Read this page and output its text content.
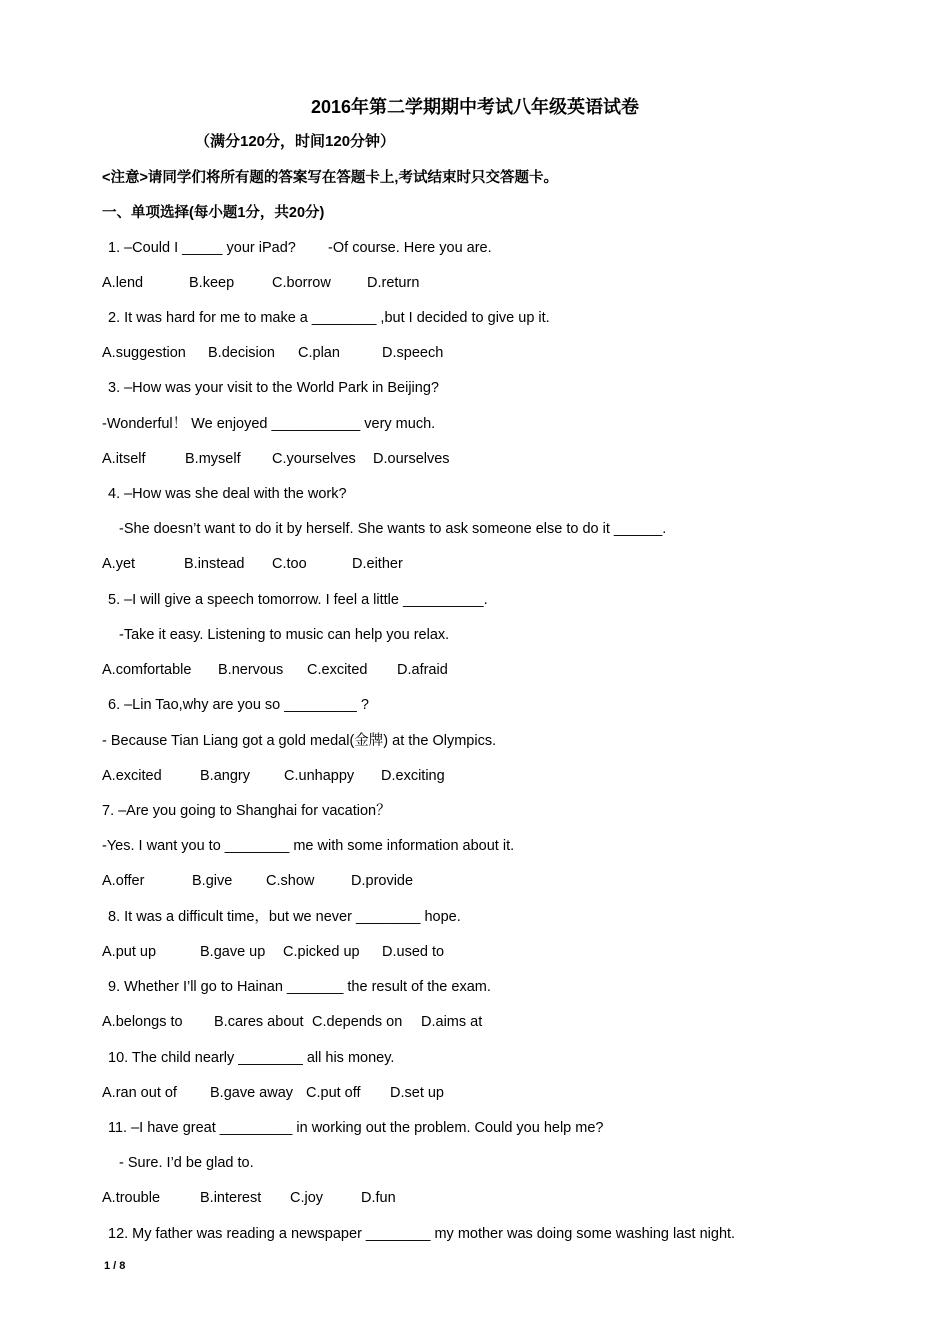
2016年第二学期期中考试八年级英语试卷
（满分120分，时间120分钟）
<注意>请同学们将所有题的答案写在答题卡上,考试结束时只交答题卡。
一、单项选择(每小题1分，共20分)
1. –Could I _____ your iPad?        -Of course. Here you are.

A.lend

	B.keep

	C.borrow

D.return

2. It was hard for me to make a ________ ,but I decided to give up it.

A.suggestion

B.decision

C.plan

	D.speech

3. –How was your visit to the World Park in Beijing?
-Wonderful！ We enjoyed ___________ very much.

A.itself

	B.myself

C.yourselves

D.ourselves

4. –How was she deal with the work?
-She doesn’t want to do it by herself. She wants to ask someone else to do it ______.

A.yet

	B.instead

C.too

	D.either

5. –I will give a speech tomorrow. I feel a little __________.
-Take it easy. Listening to music can help you relax.

A.comfortable

B.nervous

C.excited

D.afraid

6. –Lin Tao,why are you so _________ ?
- Because Tian Liang got a gold medal(金牌) at the Olympics.

A.excited

	B.angry

C.unhappy

D.exciting

7. –Are you going to Shanghai for vacation？
-Yes. I want you to ________ me with some information about it.

A.offer

	B.give

C.show

	D.provide

8. It was a difficult time，but we never ________ hope.

A.put up

	B.gave up

C.picked up

D.used to

9. Whether I’ll go to Hainan _______ the result of the exam.

A.belongs to

B.cares about

C.depends on

D.aims at

10. The child nearly ________ all his money.

A.ran out of

B.gave away

C.put off

D.set up

11. –I have great _________ in working out the problem. Could you help me?
- Sure. I’d be glad to.

A.trouble

	B.interest

C.joy

	D.fun

12. My father was reading a newspaper ________ my mother was doing some washing last night.
1 / 8
